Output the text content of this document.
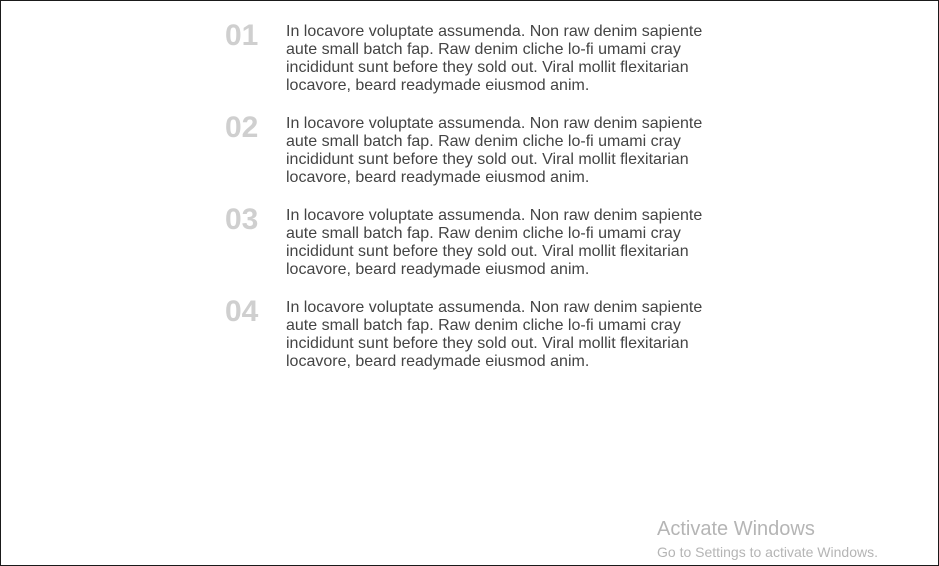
01	In locavore voluptate assumenda. Non raw denim sapiente aute small batch fap. Raw denim cliche lo-fi umami cray incididunt sunt before they sold out. Viral mollit flexitarian locavore, beard readymade eiusmod anim.
02	In locavore voluptate assumenda. Non raw denim sapiente aute small batch fap. Raw denim cliche lo-fi umami cray incididunt sunt before they sold out. Viral mollit flexitarian locavore, beard readymade eiusmod anim.
03	In locavore voluptate assumenda. Non raw denim sapiente aute small batch fap. Raw denim cliche lo-fi umami cray incididunt sunt before they sold out. Viral mollit flexitarian locavore, beard readymade eiusmod anim.
04	In locavore voluptate assumenda. Non raw denim sapiente aute small batch fap. Raw denim cliche lo-fi umami cray incididunt sunt before they sold out. Viral mollit flexitarian locavore, beard readymade eiusmod anim.
Activate Windows
Go to Settings to activate Windows.
